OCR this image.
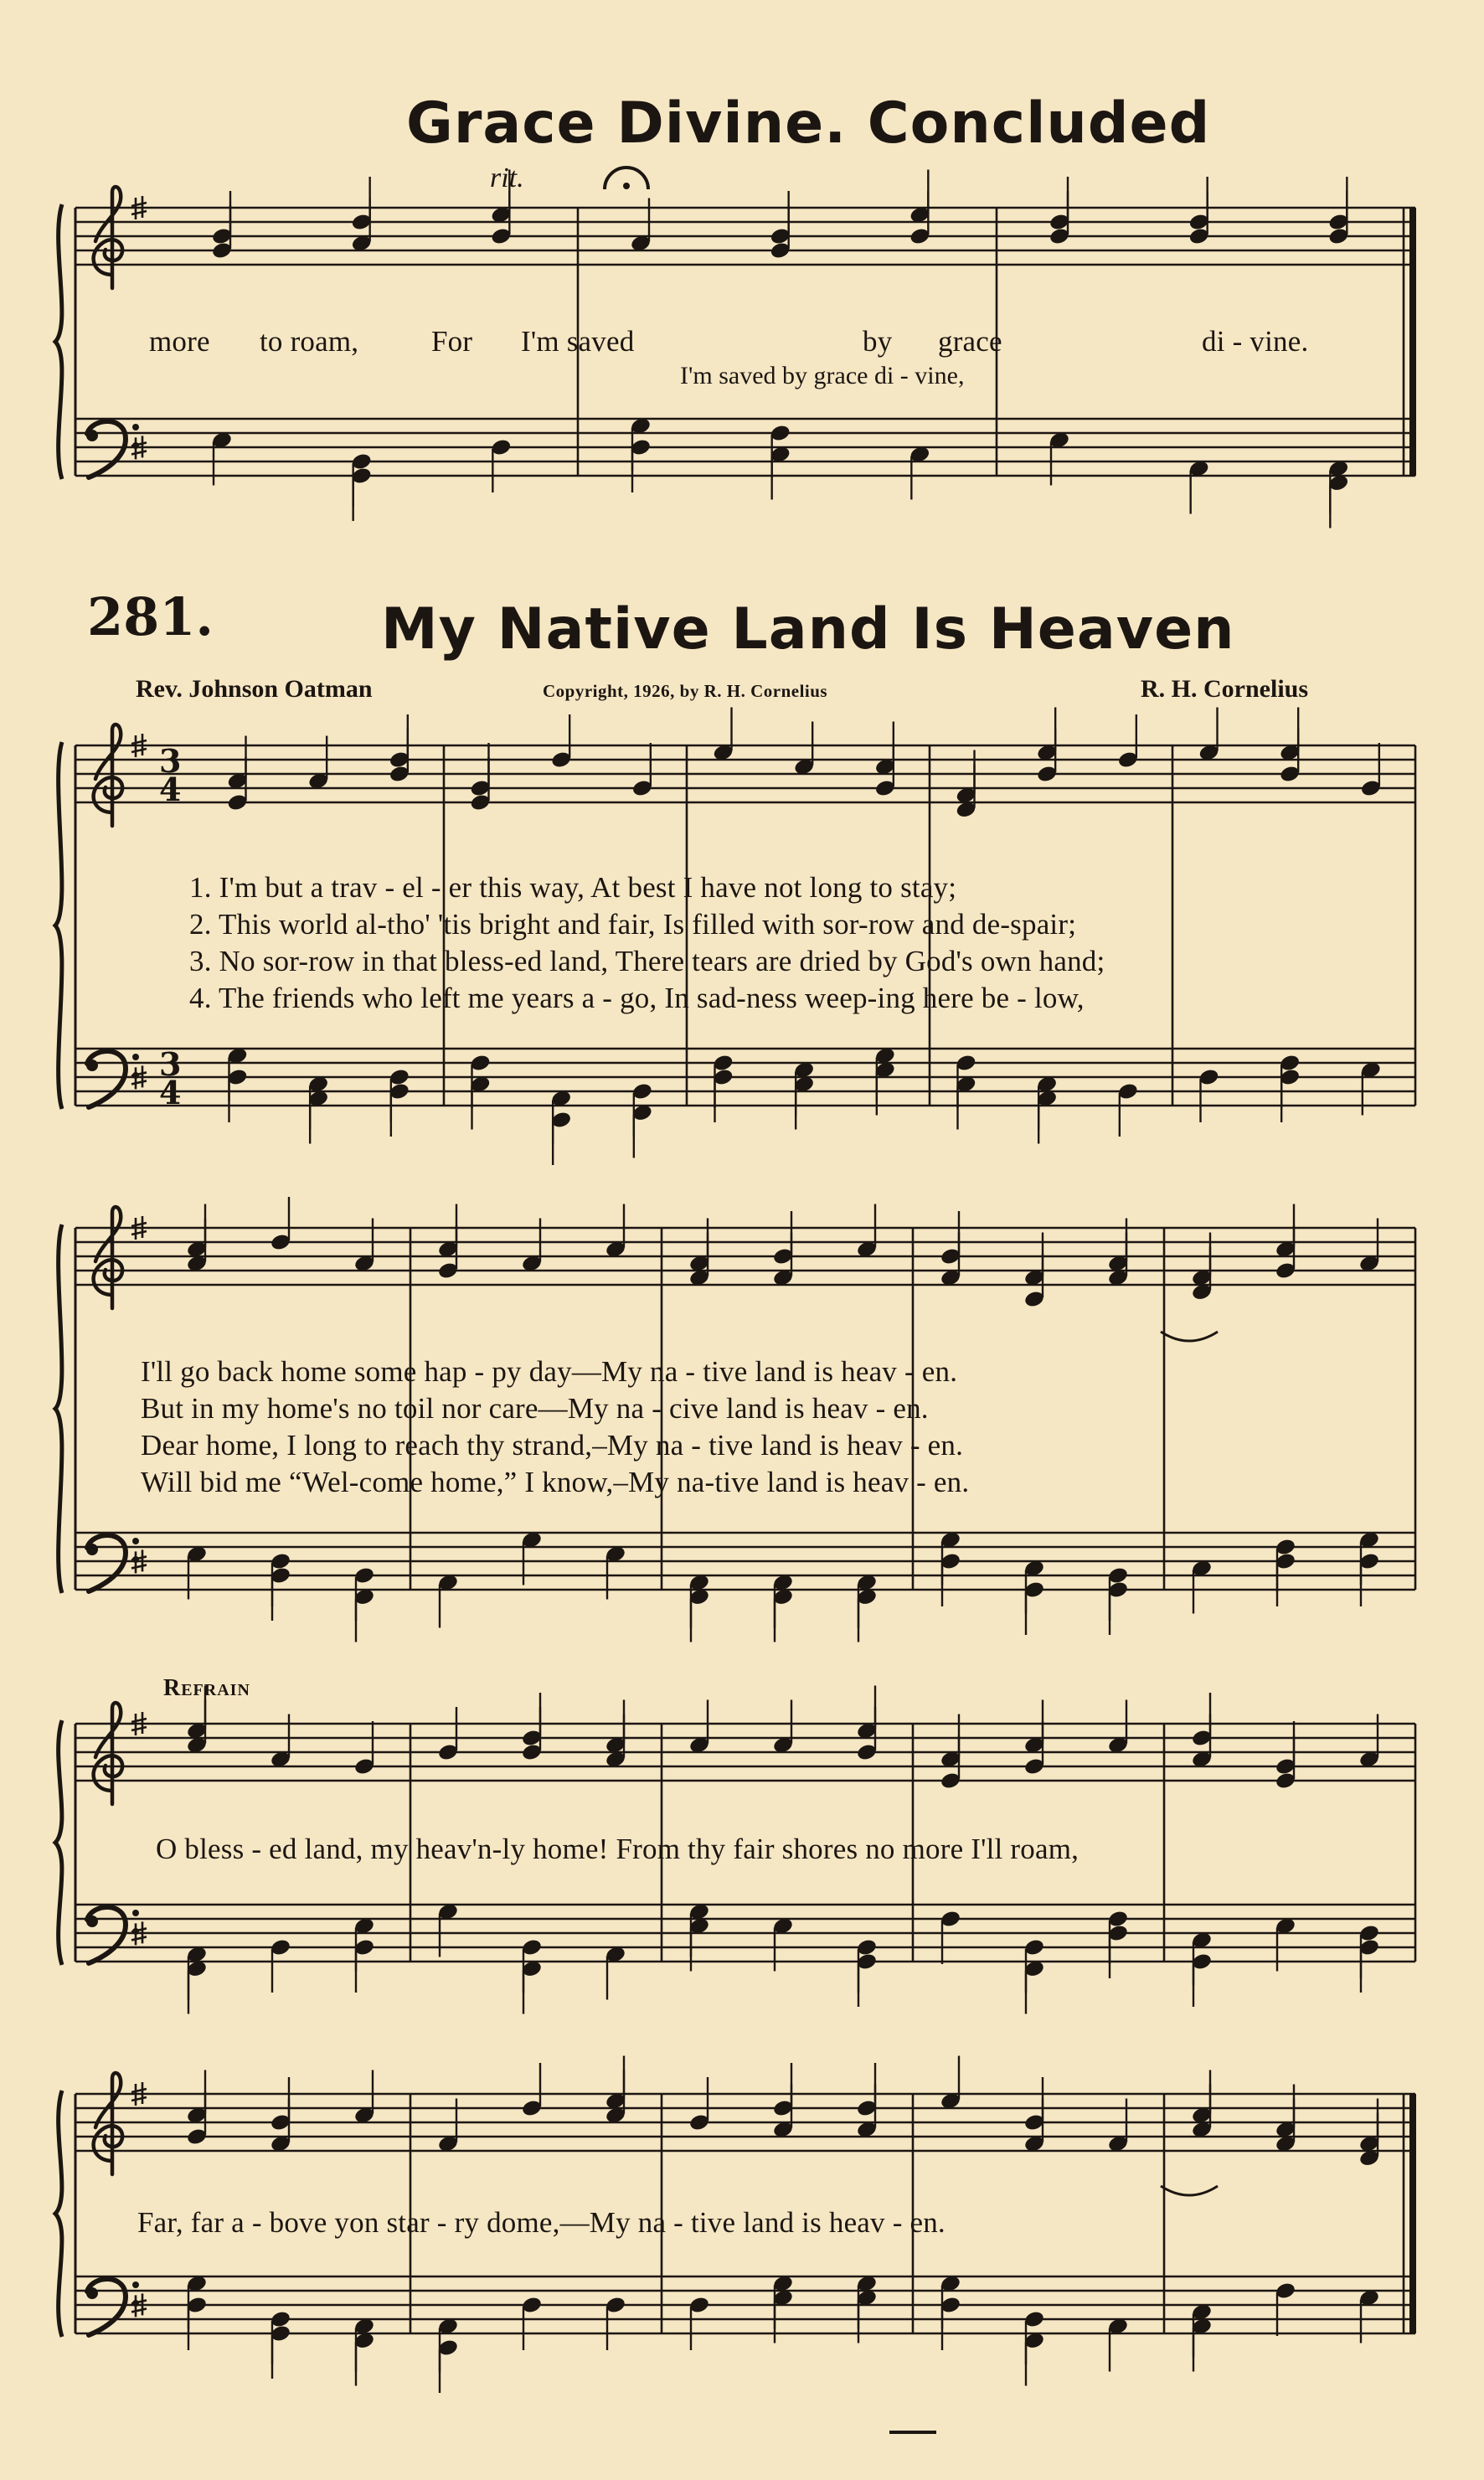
3
4
3
4
Grace Divine. Concluded
rit.
more to roam, For I'm saved	by grace	di - vine.
I'm saved by grace di - vine,
281.	My Native Land Is Heaven
Rev. Johnson Oatman	Copyright, 1926, by R. H. Cornelius	R. H. Cornelius
1. I'm but a trav - el - er this way, At best I have not long to stay;
2. This world al-tho' 'tis bright and fair, Is filled with sor-row and de-spair;
3. No sor-row in that bless-ed land, There tears are dried by God's own hand;
4. The friends who left me years a - go, In sad-ness weep-ing here be - low,
I'll go back home some hap - py day—My na - tive land is heav - en.
But in my home's no toil nor care—My na - cive land is heav - en.
Dear home, I long to reach thy strand,–My na - tive land is heav - en.
Will bid me “Wel-come home,” I know,–My na-tive land is heav - en.
Refrain
O bless - ed land, my heav'n-ly home! From thy fair shores no more I'll roam,
Far, far a - bove yon star - ry dome,—My na - tive land is heav - en.
